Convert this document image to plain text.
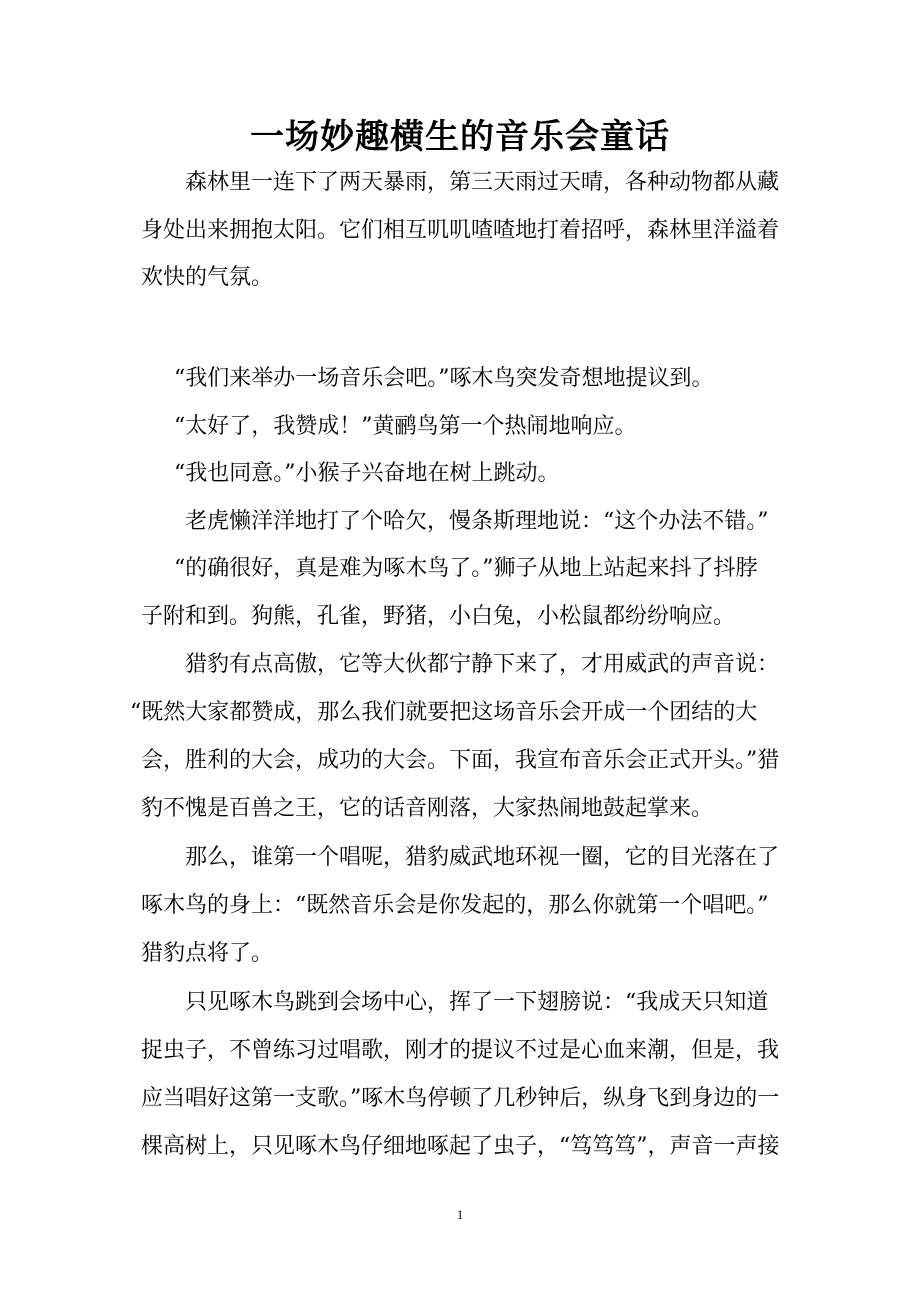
一场妙趣横生的音乐会童话

森林里一连下了两天暴雨，第三天雨过天晴，各种动物都从藏

身处出来拥抱太阳。它们相互叽叽喳喳地打着招呼，森林里洋溢着

欢快的气氛。

“我们来举办一场音乐会吧。”啄木鸟突发奇想地提议到。

“太好了，我赞成！”黄鹂鸟第一个热闹地响应。

“我也同意。”小猴子兴奋地在树上跳动。

老虎懒洋洋地打了个哈欠，慢条斯理地说：“这个办法不错。”

“的确很好，真是难为啄木鸟了。”狮子从地上站起来抖了抖脖

子附和到。狗熊，孔雀，野猪，小白兔，小松鼠都纷纷响应。

猎豹有点高傲，它等大伙都宁静下来了，才用威武的声音说：

“既然大家都赞成，那么我们就要把这场音乐会开成一个团结的大

会，胜利的大会，成功的大会。下面，我宣布音乐会正式开头。”猎

豹不愧是百兽之王，它的话音刚落，大家热闹地鼓起掌来。

那么，谁第一个唱呢，猎豹威武地环视一圈，它的目光落在了

啄木鸟的身上：“既然音乐会是你发起的，那么你就第一个唱吧。”

猎豹点将了。

只见啄木鸟跳到会场中心，挥了一下翅膀说：“我成天只知道

捉虫子，不曾练习过唱歌，刚才的提议不过是心血来潮，但是，我

应当唱好这第一支歌。”啄木鸟停顿了几秒钟后，纵身飞到身边的一

棵高树上，只见啄木鸟仔细地啄起了虫子，“笃笃笃”，声音一声接

1
